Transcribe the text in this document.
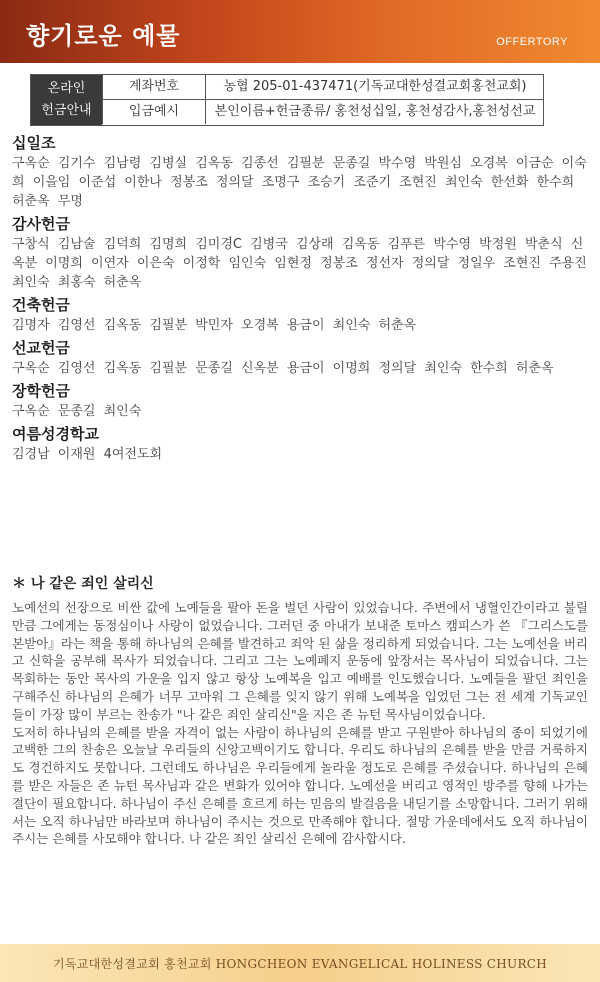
향기로운 예물	OFFERTORY
온라인
헌금안내
계좌번호	농협 205-01-437471(기독교대한성결교회홍천교회)
입금예시	본인이름+헌금종류/ 홍천성십일, 홍천성감사,홍천성선교
십일조
구옥순 김기수 김남령 김병실 김옥동 김종선 김필분 문종길 박수영 박원심 오경복 이금순 이숙희 이을임 이준섭 이한나 정봉조 정의달 조명구 조승기 조준기 조현진 최인숙 한선화 한수희 허춘옥 무명
감사헌금
구창식 김남술 김덕희 김명희 김미경C 김병국 김상래 김옥동 김푸른 박수영 박정원 박춘식 신옥분 이명희 이연자 이은숙 이정학 임인숙 임현정 정봉조 정선자 정의달 정일우 조현진 주용진 최인숙 최홍숙 허춘옥
건축헌금
김명자 김영선 김옥동 김필분 박민자 오경복 용금이 최인숙 허춘옥
선교헌금
구옥순 김영선 김옥동 김필분 문종길 신옥분 용금이 이명희 정의달 최인숙 한수희 허춘옥
장학헌금
구옥순 문종길 최인숙
여름성경학교
김경남 이재원 4여전도회
＊ 나 같은 죄인 살리신

노예선의 선장으로 비싼 값에 노예들을 팔아 돈을 벌던 사람이 있었습니다. 주변에서 냉혈인간이라고 불릴 만큼 그에게는 동정심이나 사랑이 없었습니다. 그러던 중 아내가 보내준 토마스 캠피스가 쓴 『그리스도를 본받아』라는 책을 통해 하나님의 은혜를 발견하고 죄악 된 삶을 정리하게 되었습니다. 그는 노예선을 버리고 신학을 공부해 목사가 되었습니다. 그리고 그는 노예폐지 운동에 앞장서는 목사님이 되었습니다. 그는 목회하는 동안 목사의 가운을 입지 않고 항상 노예복을 입고 예배를 인도했습니다. 노예들을 팔던 죄인을 구해주신 하나님의 은혜가 너무 고마워 그 은혜를 잊지 않기 위해 노예복을 입었던 그는 전 세계 기독교인들이 가장 많이 부르는 찬송가 "나 같은 죄인 살리신"을 지은 존 뉴턴 목사님이었습니다.

도저히 하나님의 은혜를 받을 자격이 없는 사람이 하나님의 은혜를 받고 구원받아 하나님의 종이 되었기에 고백한 그의 찬송은 오늘날 우리들의 신앙고백이기도 합니다. 우리도 하나님의 은혜를 받을 만큼 거룩하지도 경건하지도 못합니다. 그런데도 하나님은 우리들에게 놀라울 정도로 은혜를 주셨습니다. 하나님의 은혜를 받은 자들은 존 뉴턴 목사님과 같은 변화가 있어야 합니다. 노예선을 버리고 영적인 방주를 향해 나가는 결단이 필요합니다. 하나님이 주신 은혜를 흐르게 하는 믿음의 발걸음을 내딛기를 소망합니다. 그러기 위해서는 오직 하나님만 바라보며 하나님이 주시는 것으로 만족해야 합니다. 절망 가운데에서도 오직 하나님이 주시는 은혜를 사모해야 합니다. 나 같은 죄인 살리신 은혜에 감사합시다.

기독교대한성결교회 홍천교회 HONGCHEON EVANGELICAL HOLINESS CHURCH
